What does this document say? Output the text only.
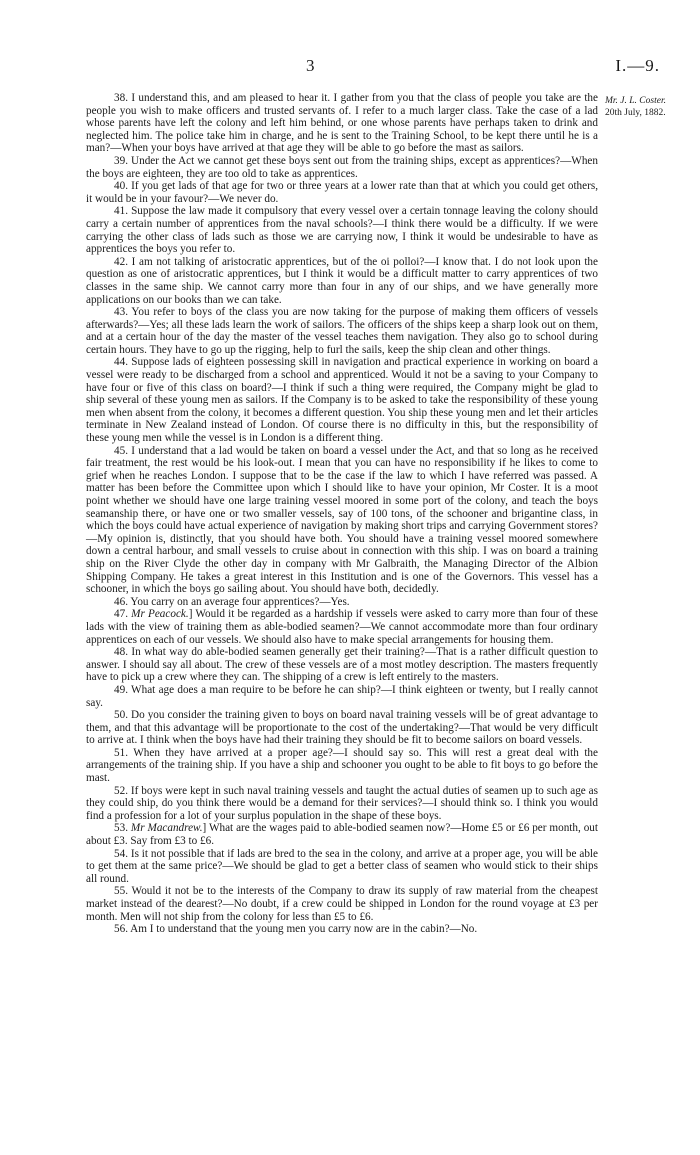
3	I.—9.
Mr. J. L. Coster.
20th July, 1882.

38. I understand this, and am pleased to hear it. I gather from you that the class of people you take are the people you wish to make officers and trusted servants of. I refer to a much larger class. Take the case of a lad whose parents have left the colony and left him behind, or one whose parents have perhaps taken to drink and neglected him. The police take him in charge, and he is sent to the Training School, to be kept there until he is a man?—When your boys have arrived at that age they will be able to go before the mast as sailors.

39. Under the Act we cannot get these boys sent out from the training ships, except as apprentices?—When the boys are eighteen, they are too old to take as apprentices.

40. If you get lads of that age for two or three years at a lower rate than that at which you could get others, it would be in your favour?—We never do.

41. Suppose the law made it compulsory that every vessel over a certain tonnage leaving the colony should carry a certain number of apprentices from the naval schools?—I think there would be a difficulty. If we were carrying the other class of lads such as those we are carrying now, I think it would be undesirable to have as apprentices the boys you refer to.

42. I am not talking of aristocratic apprentices, but of the oi polloi?—I know that. I do not look upon the question as one of aristocratic apprentices, but I think it would be a difficult matter to carry apprentices of two classes in the same ship. We cannot carry more than four in any of our ships, and we have generally more applications on our books than we can take.

43. You refer to boys of the class you are now taking for the purpose of making them officers of vessels afterwards?—Yes; all these lads learn the work of sailors. The officers of the ships keep a sharp look out on them, and at a certain hour of the day the master of the vessel teaches them navigation. They also go to school during certain hours. They have to go up the rigging, help to furl the sails, keep the ship clean and other things.

44. Suppose lads of eighteen possessing skill in navigation and practical experience in working on board a vessel were ready to be discharged from a school and apprenticed. Would it not be a saving to your Company to have four or five of this class on board?—I think if such a thing were required, the Company might be glad to ship several of these young men as sailors. If the Company is to be asked to take the responsibility of these young men when absent from the colony, it becomes a different question. You ship these young men and let their articles terminate in New Zealand instead of London. Of course there is no difficulty in this, but the responsibility of these young men while the vessel is in London is a different thing.

45. I understand that a lad would be taken on board a vessel under the Act, and that so long as he received fair treatment, the rest would be his look-out. I mean that you can have no responsibility if he likes to come to grief when he reaches London. I suppose that to be the case if the law to which I have referred was passed. A matter has been before the Committee upon which I should like to have your opinion, Mr Coster. It is a moot point whether we should have one large training vessel moored in some port of the colony, and teach the boys seamanship there, or have one or two smaller vessels, say of 100 tons, of the schooner and brigantine class, in which the boys could have actual experience of navigation by making short trips and carrying Government stores?—My opinion is, distinctly, that you should have both. You should have a training vessel moored somewhere down a central harbour, and small vessels to cruise about in connection with this ship. I was on board a training ship on the River Clyde the other day in company with Mr Galbraith, the Managing Director of the Albion Shipping Company. He takes a great interest in this Institution and is one of the Governors. This vessel has a schooner, in which the boys go sailing about. You should have both, decidedly.

46. You carry on an average four apprentices?—Yes.

47. Mr Peacock.] Would it be regarded as a hardship if vessels were asked to carry more than four of these lads with the view of training them as able-bodied seamen?—We cannot accommodate more than four ordinary apprentices on each of our vessels. We should also have to make special arrangements for housing them.

48. In what way do able-bodied seamen generally get their training?—That is a rather difficult question to answer. I should say all about. The crew of these vessels are of a most motley description. The masters frequently have to pick up a crew where they can. The shipping of a crew is left entirely to the masters.

49. What age does a man require to be before he can ship?—I think eighteen or twenty, but I really cannot say.

50. Do you consider the training given to boys on board naval training vessels will be of great advantage to them, and that this advantage will be proportionate to the cost of the undertaking?—That would be very difficult to arrive at. I think when the boys have had their training they should be fit to become sailors on board vessels.

51. When they have arrived at a proper age?—I should say so. This will rest a great deal with the arrangements of the training ship. If you have a ship and schooner you ought to be able to fit boys to go before the mast.

52. If boys were kept in such naval training vessels and taught the actual duties of seamen up to such age as they could ship, do you think there would be a demand for their services?—I should think so. I think you would find a profession for a lot of your surplus population in the shape of these boys.

53. Mr Macandrew.] What are the wages paid to able-bodied seamen now?—Home £5 or £6 per month, out about £3. Say from £3 to £6.

54. Is it not possible that if lads are bred to the sea in the colony, and arrive at a proper age, you will be able to get them at the same price?—We should be glad to get a better class of seamen who would stick to their ships all round.

55. Would it not be to the interests of the Company to draw its supply of raw material from the cheapest market instead of the dearest?—No doubt, if a crew could be shipped in London for the round voyage at £3 per month. Men will not ship from the colony for less than £5 to £6.

56. Am I to understand that the young men you carry now are in the cabin?—No.
